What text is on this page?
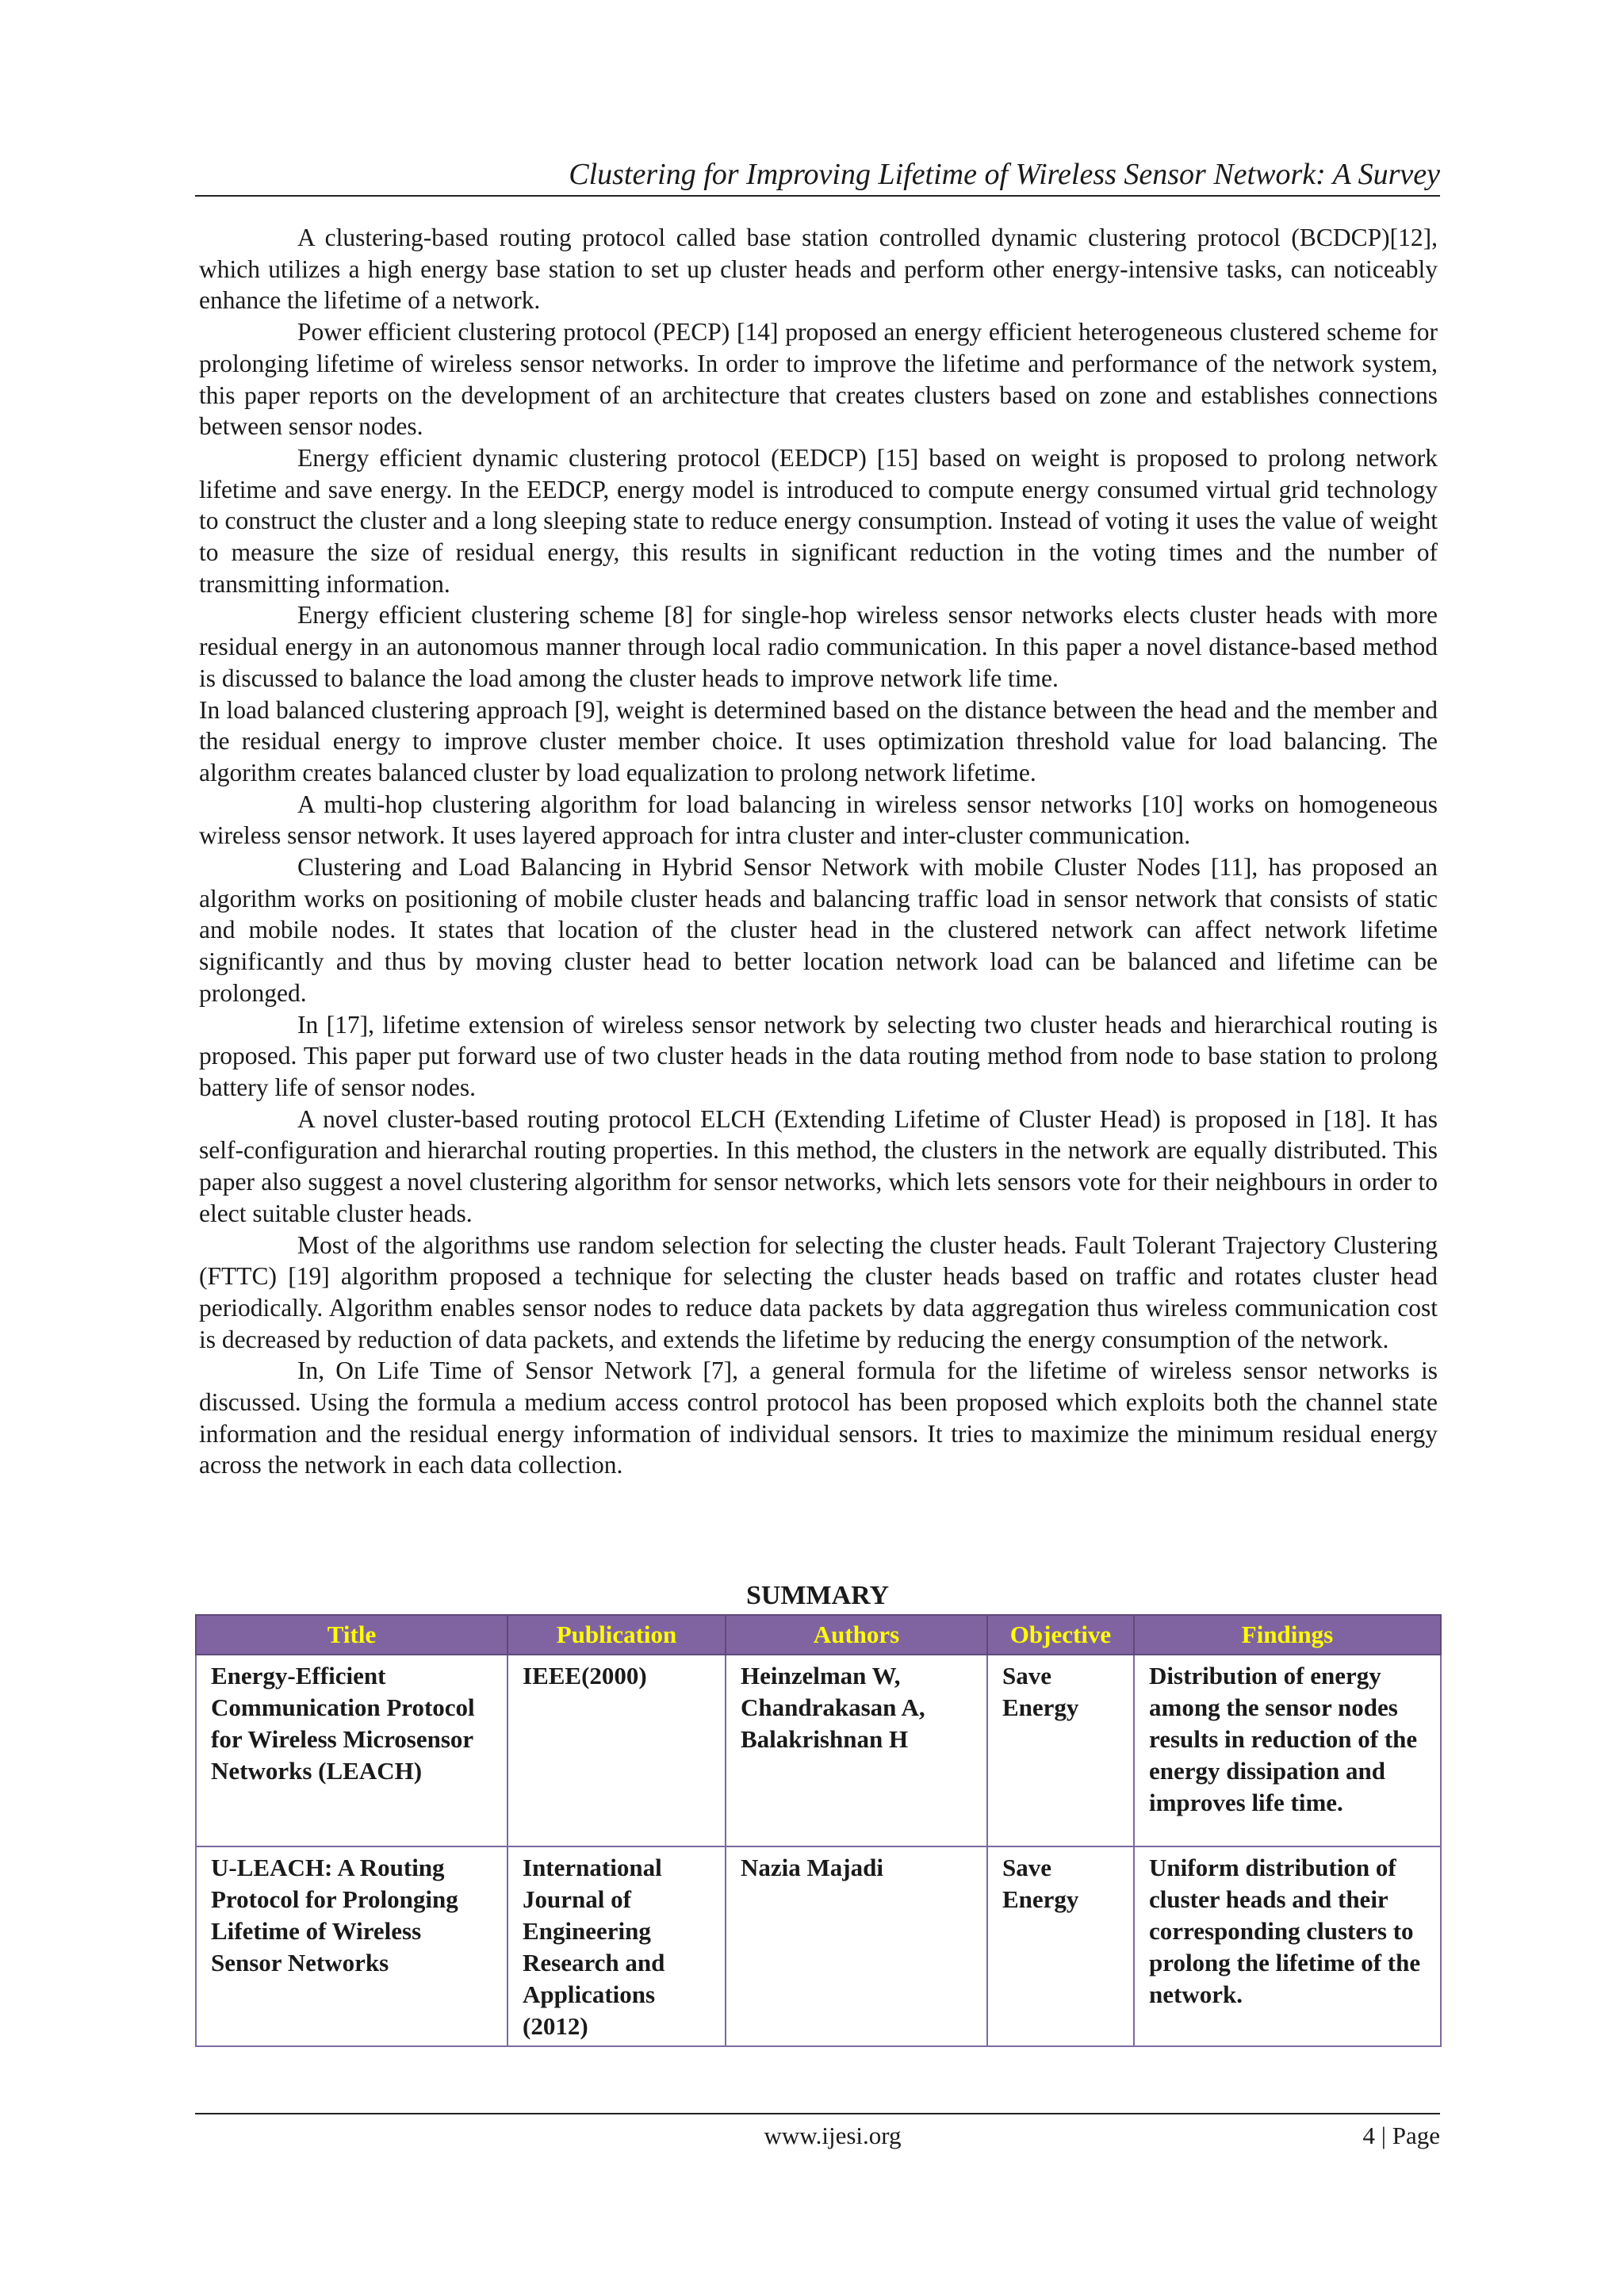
Clustering for Improving Lifetime of Wireless Sensor Network: A Survey

A clustering-based routing protocol called base station controlled dynamic clustering protocol (BCDCP)[12], which utilizes a high energy base station to set up cluster heads and perform other energy-intensive tasks, can noticeably enhance the lifetime of a network.

Power efficient clustering protocol (PECP) [14] proposed an energy efficient heterogeneous clustered scheme for prolonging lifetime of wireless sensor networks. In order to improve the lifetime and performance of the network system, this paper reports on the development of an architecture that creates clusters based on zone and establishes connections between sensor nodes.

Energy efficient dynamic clustering protocol (EEDCP) [15] based on weight is proposed to prolong network lifetime and save energy. In the EEDCP, energy model is introduced to compute energy consumed virtual grid technology to construct the cluster and a long sleeping state to reduce energy consumption. Instead of voting it uses the value of weight to measure the size of residual energy, this results in significant reduction in the voting times and the number of transmitting information.

Energy efficient clustering scheme [8] for single-hop wireless sensor networks elects cluster heads with more residual energy in an autonomous manner through local radio communication. In this paper a novel distance-based method is discussed to balance the load among the cluster heads to improve network life time.

In load balanced clustering approach [9], weight is determined based on the distance between the head and the member and the residual energy to improve cluster member choice. It uses optimization threshold value for load balancing. The algorithm creates balanced cluster by load equalization to prolong network lifetime.

A multi-hop clustering algorithm for load balancing in wireless sensor networks [10] works on homogeneous wireless sensor network. It uses layered approach for intra cluster and inter-cluster communication.

Clustering and Load Balancing in Hybrid Sensor Network with mobile Cluster Nodes [11], has proposed an algorithm works on positioning of mobile cluster heads and balancing traffic load in sensor network that consists of static and mobile nodes. It states that location of the cluster head in the clustered network can affect network lifetime significantly and thus by moving cluster head to better location network load can be balanced and lifetime can be prolonged.

In [17], lifetime extension of wireless sensor network by selecting two cluster heads and hierarchical routing is proposed. This paper put forward use of two cluster heads in the data routing method from node to base station to prolong battery life of sensor nodes.

A novel cluster-based routing protocol ELCH (Extending Lifetime of Cluster Head) is proposed in [18]. It has self-configuration and hierarchal routing properties. In this method, the clusters in the network are equally distributed. This paper also suggest a novel clustering algorithm for sensor networks, which lets sensors vote for their neighbours in order to elect suitable cluster heads.

Most of the algorithms use random selection for selecting the cluster heads. Fault Tolerant Trajectory Clustering (FTTC) [19] algorithm proposed a technique for selecting the cluster heads based on traffic and rotates cluster head periodically. Algorithm enables sensor nodes to reduce data packets by data aggregation thus wireless communication cost is decreased by reduction of data packets, and extends the lifetime by reducing the energy consumption of the network.

In, On Life Time of Sensor Network [7], a general formula for the lifetime of wireless sensor networks is discussed. Using the formula a medium access control protocol has been proposed which exploits both the channel state information and the residual energy information of individual sensors. It tries to maximize the minimum residual energy across the network in each data collection.

SUMMARY
Title	Publication	Authors	Objective	Findings
Energy-Efficient Communication Protocol for Wireless Microsensor Networks (LEACH)	IEEE(2000)	Heinzelman W, Chandrakasan A, Balakrishnan H	Save Energy	Distribution of energy among the sensor nodes results in reduction of the energy dissipation and improves life time.
U-LEACH: A Routing Protocol for Prolonging Lifetime of Wireless Sensor Networks	International Journal of Engineering Research and Applications (2012)	Nazia Majadi	Save Energy	Uniform distribution of cluster heads and their corresponding clusters to prolong the lifetime of the network.
www.ijesi.org	4 | Page
